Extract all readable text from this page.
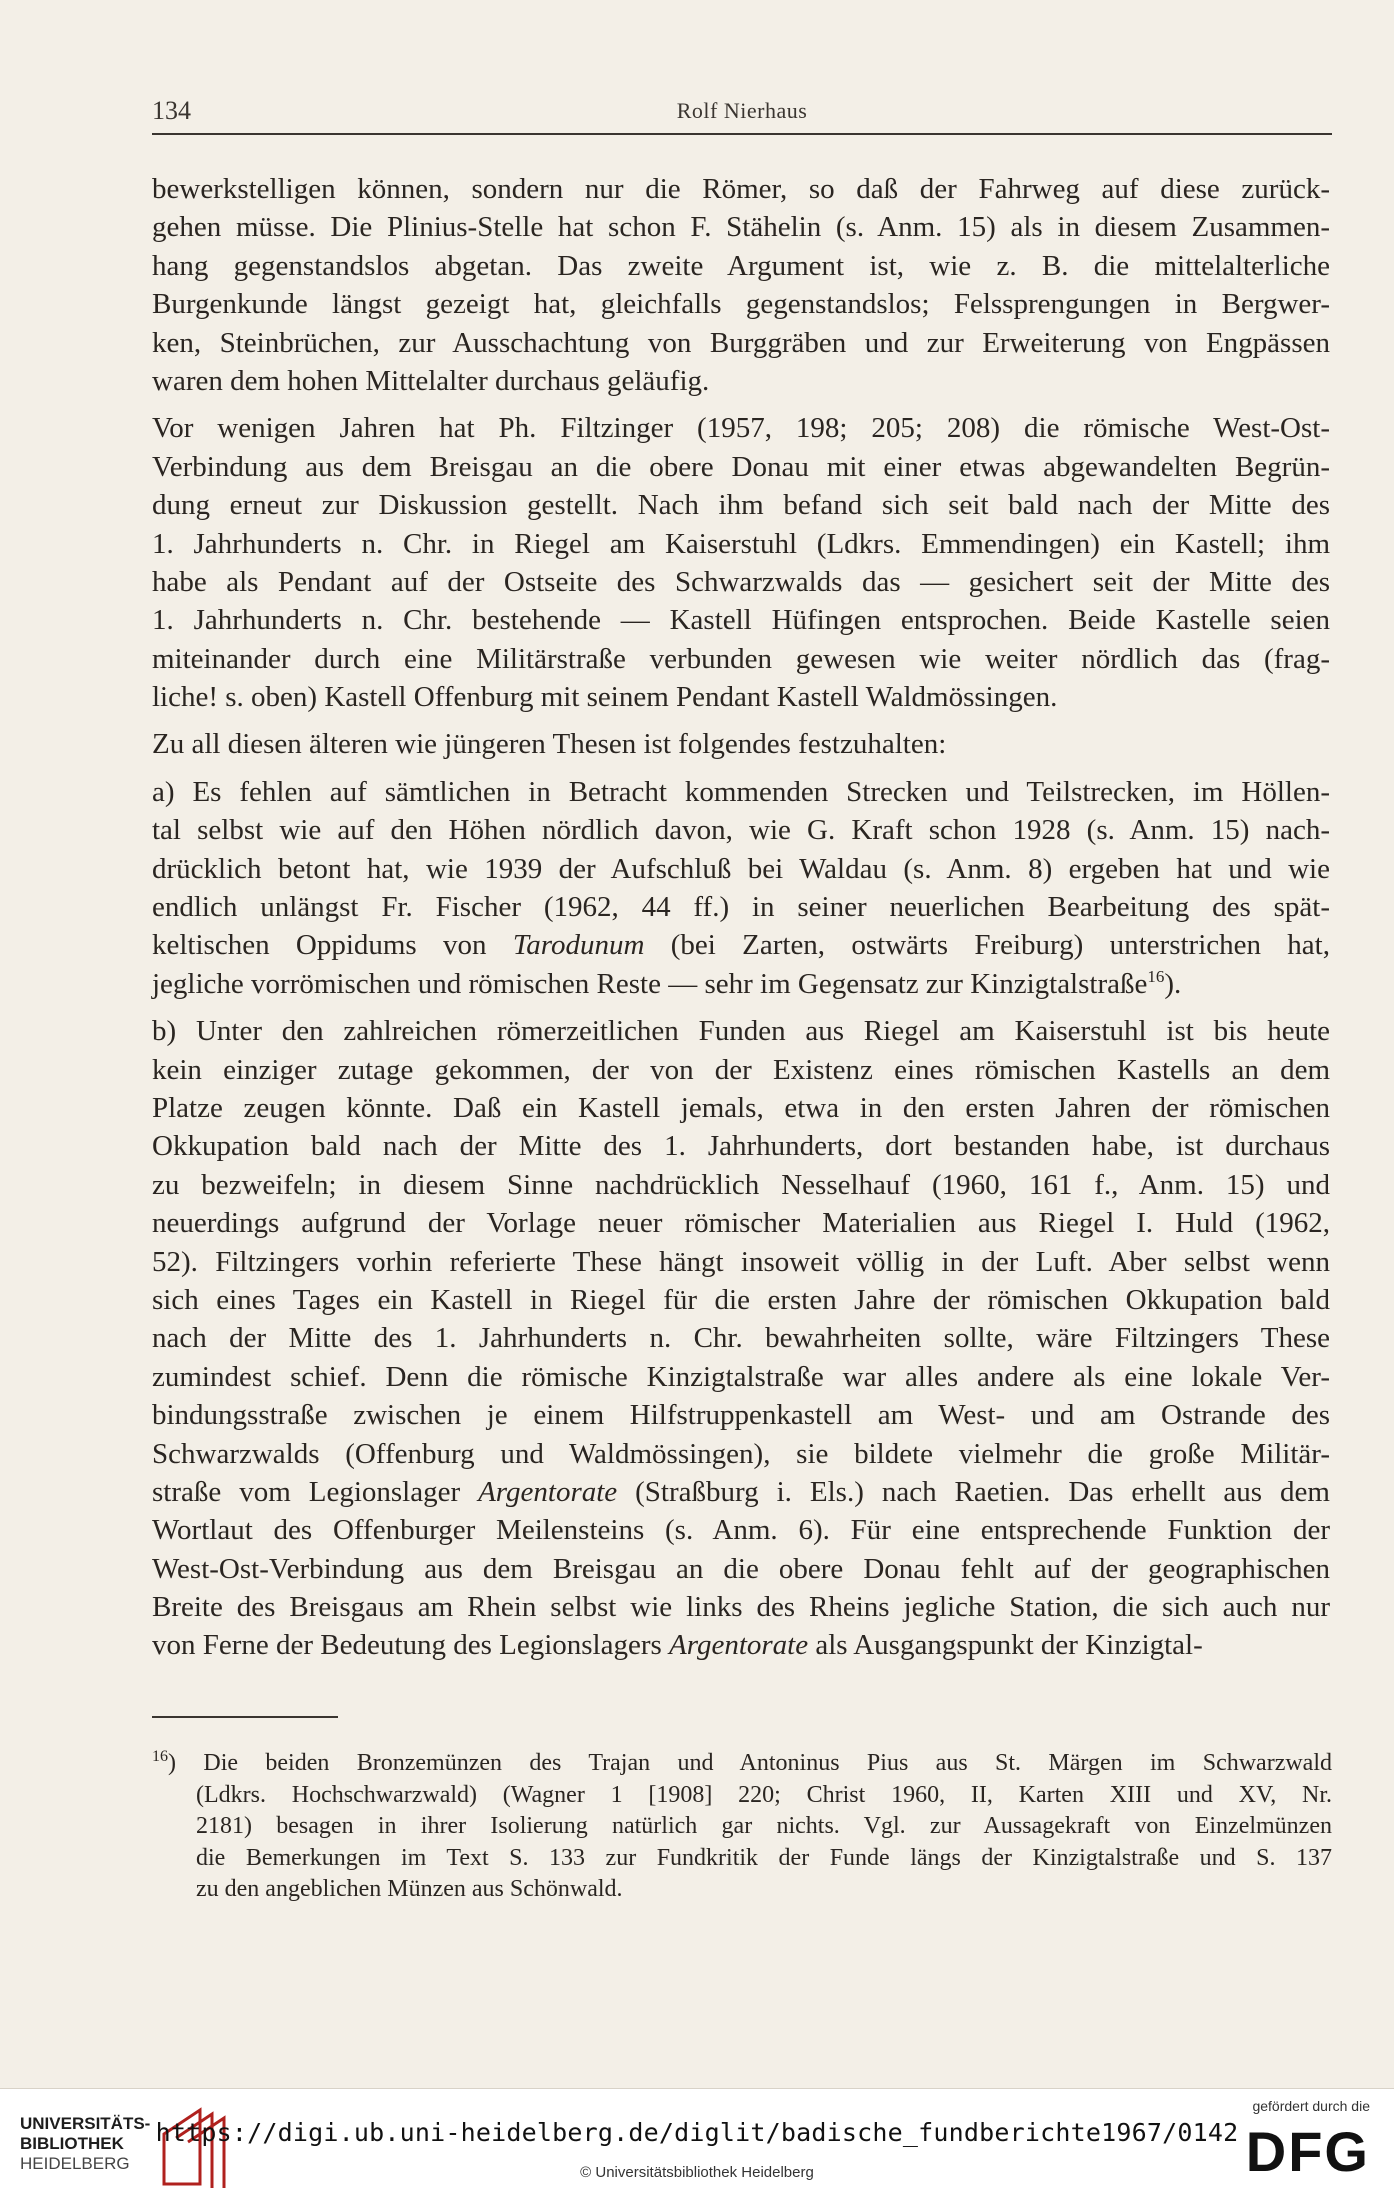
134	Rolf Nierhaus
bewerkstelligen können, sondern nur die Römer, so daß der Fahrweg auf diese zurück-
gehen müsse. Die Plinius-Stelle hat schon F. Stähelin (s. Anm. 15) als in diesem Zusammen-
hang gegenstandslos abgetan. Das zweite Argument ist, wie z. B. die mittelalterliche
Burgenkunde längst gezeigt hat, gleichfalls gegenstandslos; Felssprengungen in Bergwer-
ken, Steinbrüchen, zur Ausschachtung von Burggräben und zur Erweiterung von Engpässen
waren dem hohen Mittelalter durchaus geläufig.
Vor wenigen Jahren hat Ph. Filtzinger (1957, 198; 205; 208) die römische West-Ost-
Verbindung aus dem Breisgau an die obere Donau mit einer etwas abgewandelten Begrün-
dung erneut zur Diskussion gestellt. Nach ihm befand sich seit bald nach der Mitte des
1. Jahrhunderts n. Chr. in Riegel am Kaiserstuhl (Ldkrs. Emmendingen) ein Kastell; ihm
habe als Pendant auf der Ostseite des Schwarzwalds das — gesichert seit der Mitte des
1. Jahrhunderts n. Chr. bestehende — Kastell Hüfingen entsprochen. Beide Kastelle seien
miteinander durch eine Militärstraße verbunden gewesen wie weiter nördlich das (frag-
liche! s. oben) Kastell Offenburg mit seinem Pendant Kastell Waldmössingen.
Zu all diesen älteren wie jüngeren Thesen ist folgendes festzuhalten:
a) Es fehlen auf sämtlichen in Betracht kommenden Strecken und Teilstrecken, im Höllen-
tal selbst wie auf den Höhen nördlich davon, wie G. Kraft schon 1928 (s. Anm. 15) nach-
drücklich betont hat, wie 1939 der Aufschluß bei Waldau (s. Anm. 8) ergeben hat und wie
endlich unlängst Fr. Fischer (1962, 44 ff.) in seiner neuerlichen Bearbeitung des spät-
keltischen Oppidums von Tarodunum (bei Zarten, ostwärts Freiburg) unterstrichen hat,
jegliche vorrömischen und römischen Reste — sehr im Gegensatz zur Kinzigtalstraße$^{16}$).
b) Unter den zahlreichen römerzeitlichen Funden aus Riegel am Kaiserstuhl ist bis heute
kein einziger zutage gekommen, der von der Existenz eines römischen Kastells an dem
Platze zeugen könnte. Daß ein Kastell jemals, etwa in den ersten Jahren der römischen
Okkupation bald nach der Mitte des 1. Jahrhunderts, dort bestanden habe, ist durchaus
zu bezweifeln; in diesem Sinne nachdrücklich Nesselhauf (1960, 161 f., Anm. 15) und
neuerdings aufgrund der Vorlage neuer römischer Materialien aus Riegel I. Huld (1962,
52). Filtzingers vorhin referierte These hängt insoweit völlig in der Luft. Aber selbst wenn
sich eines Tages ein Kastell in Riegel für die ersten Jahre der römischen Okkupation bald
nach der Mitte des 1. Jahrhunderts n. Chr. bewahrheiten sollte, wäre Filtzingers These
zumindest schief. Denn die römische Kinzigtalstraße war alles andere als eine lokale Ver-
bindungsstraße zwischen je einem Hilfstruppenkastell am West- und am Ostrande des
Schwarzwalds (Offenburg und Waldmössingen), sie bildete vielmehr die große Militär-
straße vom Legionslager Argentorate (Straßburg i. Els.) nach Raetien. Das erhellt aus dem
Wortlaut des Offenburger Meilensteins (s. Anm. 6). Für eine entsprechende Funktion der
West-Ost-Verbindung aus dem Breisgau an die obere Donau fehlt auf der geographischen
Breite des Breisgaus am Rhein selbst wie links des Rheins jegliche Station, die sich auch nur
von Ferne der Bedeutung des Legionslagers Argentorate als Ausgangspunkt der Kinzigtal-
$^{16}$) Die beiden Bronzemünzen des Trajan und Antoninus Pius aus St. Märgen im Schwarzwald
(Ldkrs. Hochschwarzwald) (Wagner 1 [1908] 220; Christ 1960, II, Karten XIII und XV, Nr.
2181) besagen in ihrer Isolierung natürlich gar nichts. Vgl. zur Aussagekraft von Einzelmünzen
die Bemerkungen im Text S. 133 zur Fundkritik der Funde längs der Kinzigtalstraße und S. 137
zu den angeblichen Münzen aus Schönwald.
UNIVERSITÄTS-
BIBLIOTHEK
HEIDELBERG
https://digi.ub.uni-heidelberg.de/diglit/badische_fundberichte1967/0142
© Universitätsbibliothek Heidelberg
gefördert durch die
DFG
